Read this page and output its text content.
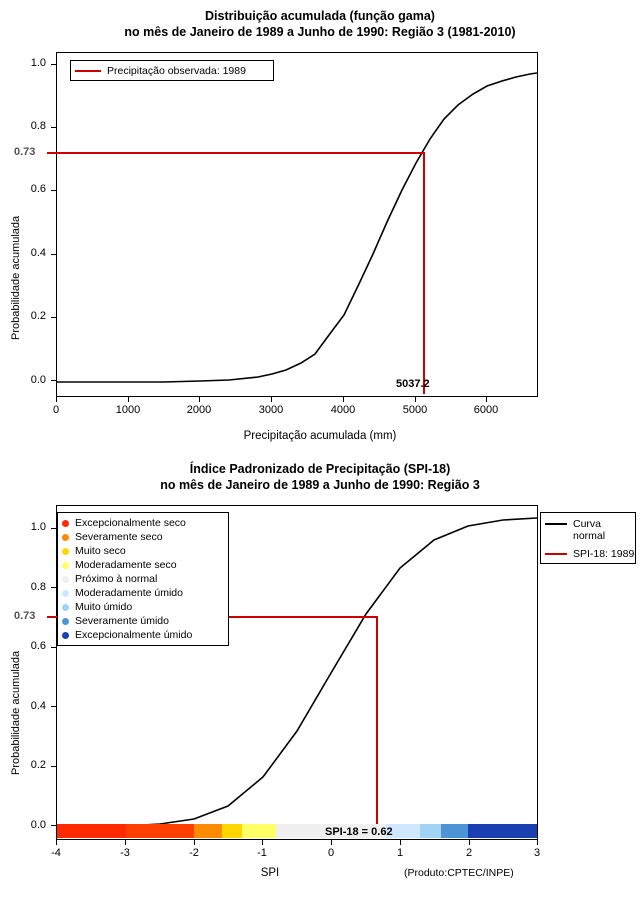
Distribuição acumulada (função gama)
no mês de Janeiro de 1989 a Junho de 1990: Região 3 (1981-2010)
Probabilidade acumulada
0.0
0.2
0.4
0.6
0.8
1.0
0.73
0	1000	2000	3000	4000	5000	6000
Precipitação acumulada (mm)
5037.2
Precipitação observada: 1989
Índice Padronizado de Precipitação (SPI-18)
no mês de Janeiro de 1989 a Junho de 1990: Região 3
Probabilidade acumulada
0.0
0.2
0.4
0.6
0.8
1.0
0.73
-4	-3	-2	-1	0	1	2	3
SPI
SPI-18 = 0.62
(Produto:CPTEC/INPE)
Excepcionalmente seco
Severamente seco
Muito seco
Moderadamente seco
Próximo à normal
Moderadamente úmido
Muito úmido
Severamente úmido
Excepcionalmente úmido
Curva
normal
SPI-18: 1989
